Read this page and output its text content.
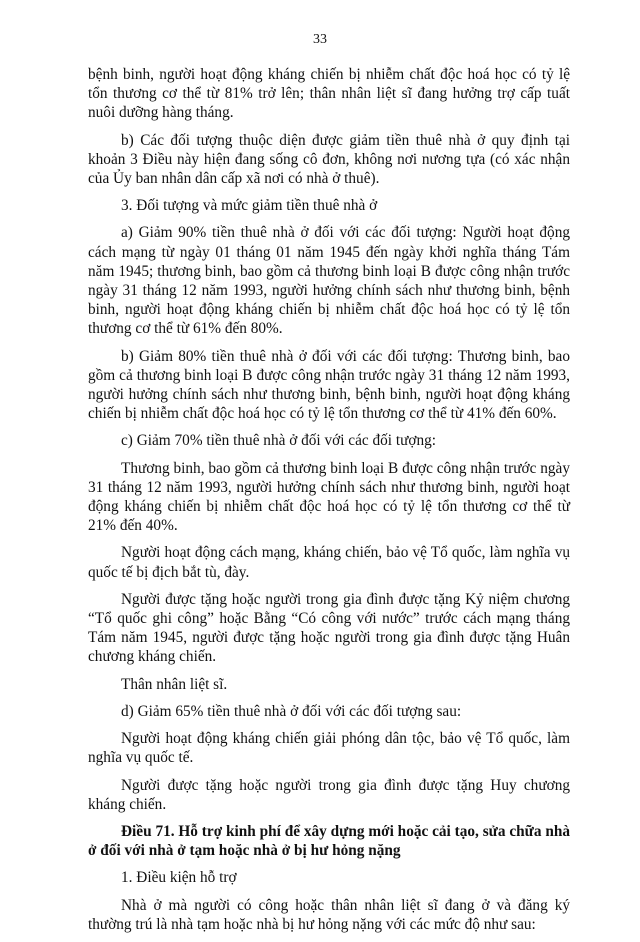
33

bệnh binh, người hoạt động kháng chiến bị nhiễm chất độc hoá học có tỷ lệ tổn thương cơ thể từ 81% trở lên; thân nhân liệt sĩ đang hưởng trợ cấp tuất nuôi dưỡng hàng tháng.

b) Các đối tượng thuộc diện được giảm tiền thuê nhà ở quy định tại khoản 3 Điều này hiện đang sống cô đơn, không nơi nương tựa (có xác nhận của Ủy ban nhân dân cấp xã nơi có nhà ở thuê).

3. Đối tượng và mức giảm tiền thuê nhà ở

a) Giảm 90% tiền thuê nhà ở đối với các đối tượng: Người hoạt động cách mạng từ ngày 01 tháng 01 năm 1945 đến ngày khởi nghĩa tháng Tám năm 1945; thương binh, bao gồm cả thương binh loại B được công nhận trước ngày 31 tháng 12 năm 1993, người hưởng chính sách như thương binh, bệnh binh, người hoạt động kháng chiến bị nhiễm chất độc hoá học có tỷ lệ tổn thương cơ thể từ 61% đến 80%.

b) Giảm 80% tiền thuê nhà ở đối với các đối tượng: Thương binh, bao gồm cả thương binh loại B được công nhận trước ngày 31 tháng 12 năm 1993, người hưởng chính sách như thương binh, bệnh binh, người hoạt động kháng chiến bị nhiễm chất độc hoá học có tỷ lệ tổn thương cơ thể từ 41% đến 60%.

c) Giảm 70% tiền thuê nhà ở đối với các đối tượng:

Thương binh, bao gồm cả thương binh loại B được công nhận trước ngày 31 tháng 12 năm 1993, người hưởng chính sách như thương binh, người hoạt động kháng chiến bị nhiễm chất độc hoá học có tỷ lệ tổn thương cơ thể từ 21% đến 40%.

Người hoạt động cách mạng, kháng chiến, bảo vệ Tổ quốc, làm nghĩa vụ quốc tế bị địch bắt tù, đày.

Người được tặng hoặc người trong gia đình được tặng Kỷ niệm chương “Tổ quốc ghi công” hoặc Bằng “Có công với nước” trước cách mạng tháng Tám năm 1945, người được tặng hoặc người trong gia đình được tặng Huân chương kháng chiến.

Thân nhân liệt sĩ.

d) Giảm 65% tiền thuê nhà ở đối với các đối tượng sau:

Người hoạt động kháng chiến giải phóng dân tộc, bảo vệ Tổ quốc, làm nghĩa vụ quốc tế.

Người được tặng hoặc người trong gia đình được tặng Huy chương kháng chiến.

Điều 71. Hỗ trợ kinh phí để xây dựng mới hoặc cải tạo, sửa chữa nhà ở đối với nhà ở tạm hoặc nhà ở bị hư hỏng nặng

1. Điều kiện hỗ trợ

Nhà ở mà người có công hoặc thân nhân liệt sĩ đang ở và đăng ký thường trú là nhà tạm hoặc nhà bị hư hỏng nặng với các mức độ như sau:
